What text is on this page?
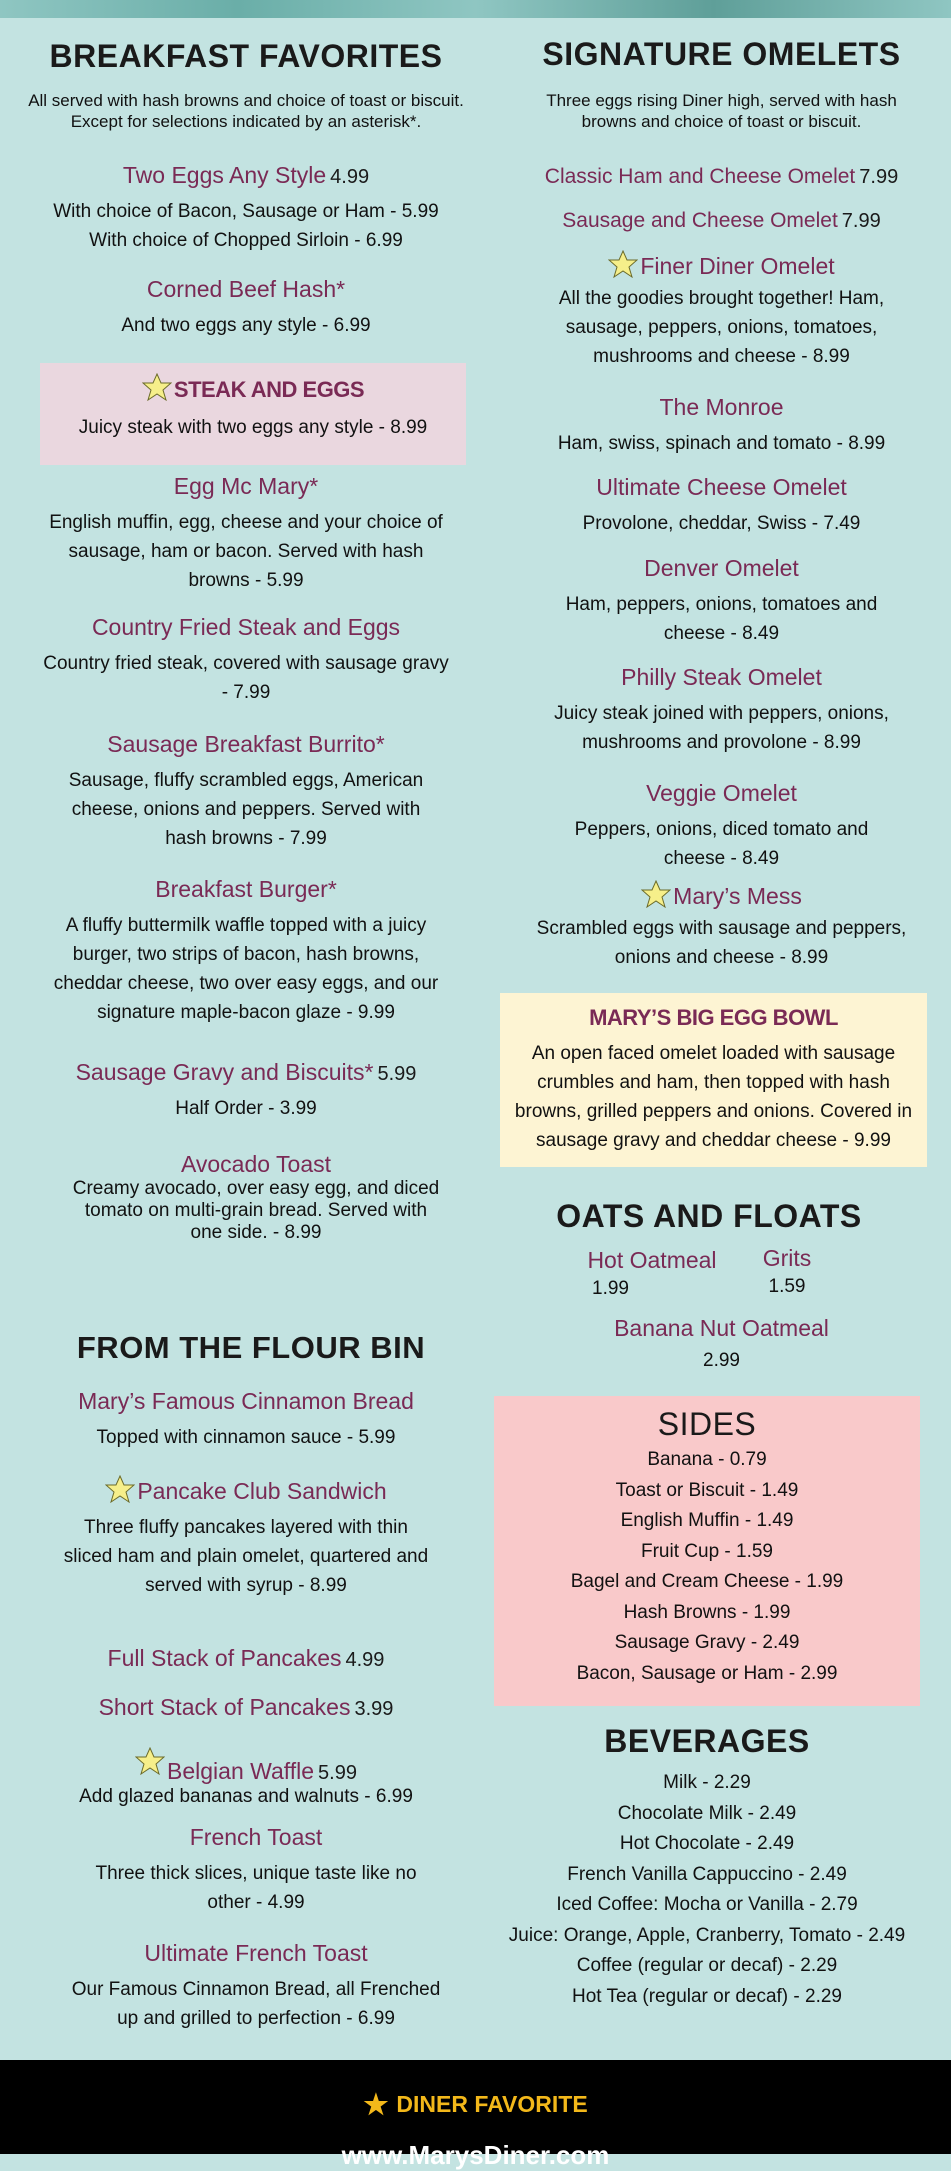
BREAKFAST FAVORITES
All served with hash browns and choice of toast or biscuit. Except for selections indicated by an asterisk*.
Two Eggs Any Style 4.99
With choice of Bacon, Sausage or Ham - 5.99
With choice of Chopped Sirloin - 6.99
Corned Beef Hash*
And two eggs any style - 6.99
STEAK AND EGGS
Juicy steak with two eggs any style - 8.99
Egg Mc Mary*
English muffin, egg, cheese and your choice of sausage, ham or bacon. Served with hash browns - 5.99
Country Fried Steak and Eggs
Country fried steak, covered with sausage gravy - 7.99
Sausage Breakfast Burrito*
Sausage, fluffy scrambled eggs, American cheese, onions and peppers. Served with hash browns - 7.99
Breakfast Burger*
A fluffy buttermilk waffle topped with a juicy burger, two strips of bacon, hash browns, cheddar cheese, two over easy eggs, and our signature maple-bacon glaze - 9.99
Sausage Gravy and Biscuits* 5.99
Half Order - 3.99
Avocado Toast
Creamy avocado, over easy egg, and diced tomato on multi-grain bread. Served with one side. - 8.99
FROM THE FLOUR BIN
Mary’s Famous Cinnamon Bread
Topped with cinnamon sauce - 5.99
Pancake Club Sandwich
Three fluffy pancakes layered with thin sliced ham and plain omelet, quartered and served with syrup - 8.99
Full Stack of Pancakes 4.99
Short Stack of Pancakes 3.99
Belgian Waffle 5.99
Add glazed bananas and walnuts - 6.99
French Toast
Three thick slices, unique taste like no other - 4.99
Ultimate French Toast
Our Famous Cinnamon Bread, all Frenched up and grilled to perfection - 6.99
SIGNATURE OMELETS
Three eggs rising Diner high, served with hash browns and choice of toast or biscuit.
Classic Ham and Cheese Omelet 7.99
Sausage and Cheese Omelet 7.99
Finer Diner Omelet
All the goodies brought together! Ham, sausage, peppers, onions, tomatoes, mushrooms and cheese - 8.99
The Monroe
Ham, swiss, spinach and tomato - 8.99
Ultimate Cheese Omelet
Provolone, cheddar, Swiss - 7.49
Denver Omelet
Ham, peppers, onions, tomatoes and cheese - 8.49
Philly Steak Omelet
Juicy steak joined with peppers, onions, mushrooms and provolone - 8.99
Veggie Omelet
Peppers, onions, diced tomato and cheese - 8.49
Mary’s Mess
Scrambled eggs with sausage and peppers, onions and cheese - 8.99
MARY’S BIG EGG BOWL
An open faced omelet loaded with sausage crumbles and ham, then topped with hash browns, grilled peppers and onions. Covered in sausage gravy and cheddar cheese - 9.99
OATS AND FLOATS
Hot Oatmeal
1.99
Grits
1.59
Banana Nut Oatmeal
2.99
SIDES
Banana - 0.79
Toast or Biscuit - 1.49
English Muffin - 1.49
Fruit Cup - 1.59
Bagel and Cream Cheese - 1.99
Hash Browns - 1.99
Sausage Gravy - 2.49
Bacon, Sausage or Ham - 2.99
BEVERAGES
Milk - 2.29
Chocolate Milk - 2.49
Hot Chocolate - 2.49
French Vanilla Cappuccino - 2.49
Iced Coffee: Mocha or Vanilla - 2.79
Juice: Orange, Apple, Cranberry, Tomato - 2.49
Coffee (regular or decaf) - 2.29
Hot Tea (regular or decaf) - 2.29
★ DINER FAVORITE
www.MarysDiner.com
